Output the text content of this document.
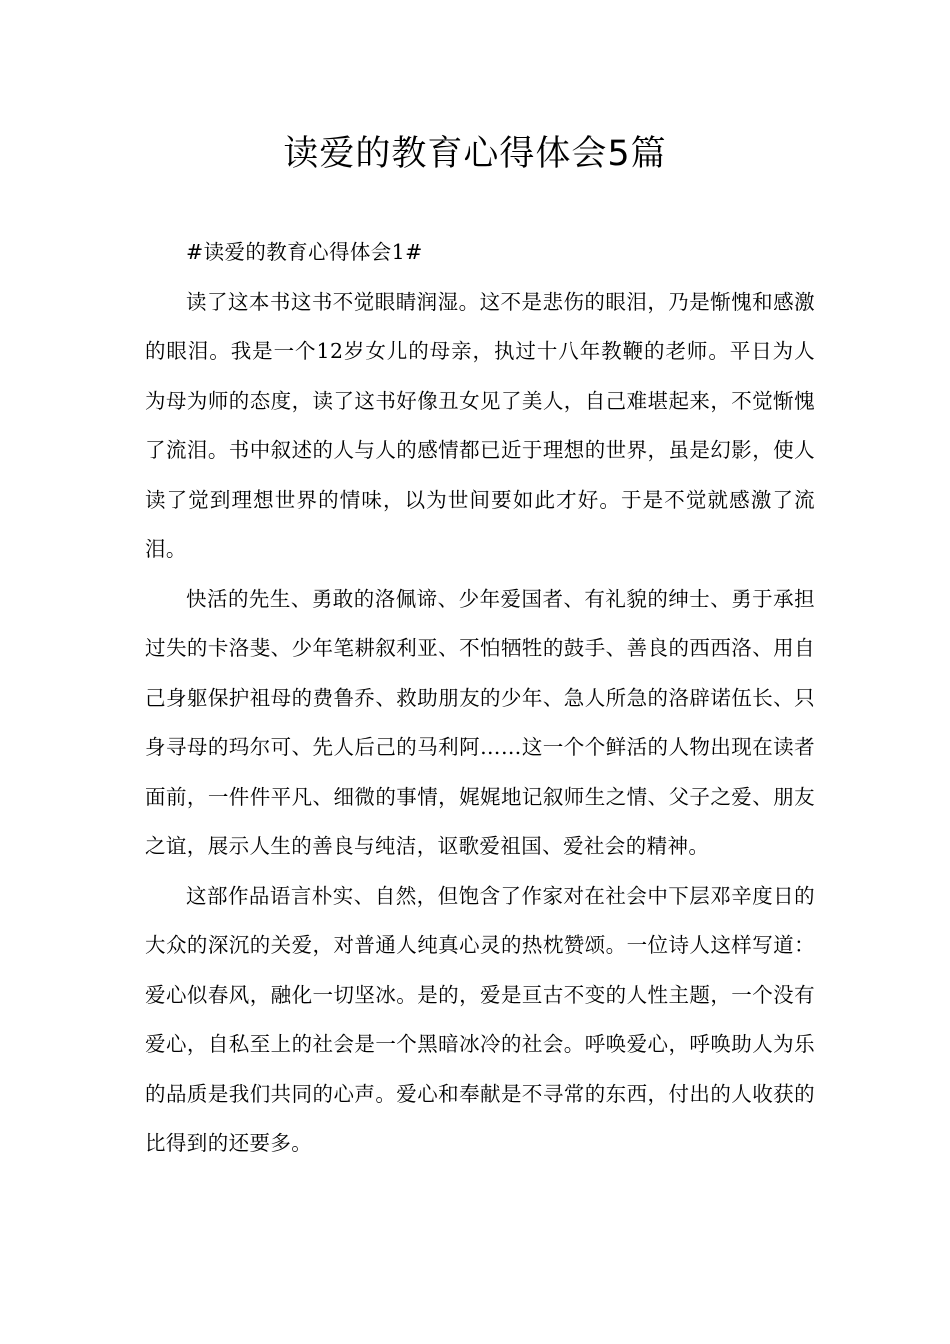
读爱的教育心得体会5篇
#读爱的教育心得体会1#

读了这本书这书不觉眼睛润湿。这不是悲伤的眼泪，乃是惭愧和感激的眼泪。我是一个12岁女儿的母亲，执过十八年教鞭的老师。平日为人为母为师的态度，读了这书好像丑女见了美人，自己难堪起来，不觉惭愧了流泪。书中叙述的人与人的感情都已近于理想的世界，虽是幻影，使人读了觉到理想世界的情味，以为世间要如此才好。于是不觉就感激了流泪。

快活的先生、勇敢的洛佩谛、少年爱国者、有礼貌的绅士、勇于承担过失的卡洛斐、少年笔耕叙利亚、不怕牺牲的鼓手、善良的西西洛、用自己身躯保护祖母的费鲁乔、救助朋友的少年、急人所急的洛辟诺伍长、只身寻母的玛尔可、先人后己的马利阿……这一个个鲜活的人物出现在读者面前，一件件平凡、细微的事情，娓娓地记叙师生之情、父子之爱、朋友之谊，展示人生的善良与纯洁，讴歌爱祖国、爱社会的精神。

这部作品语言朴实、自然，但饱含了作家对在社会中下层邓辛度日的大众的深沉的关爱，对普通人纯真心灵的热枕赞颂。一位诗人这样写道：爱心似春风，融化一切坚冰。是的，爱是亘古不变的人性主题，一个没有爱心，自私至上的社会是一个黑暗冰冷的社会。呼唤爱心，呼唤助人为乐的品质是我们共同的心声。爱心和奉献是不寻常的东西，付出的人收获的比得到的还要多。
